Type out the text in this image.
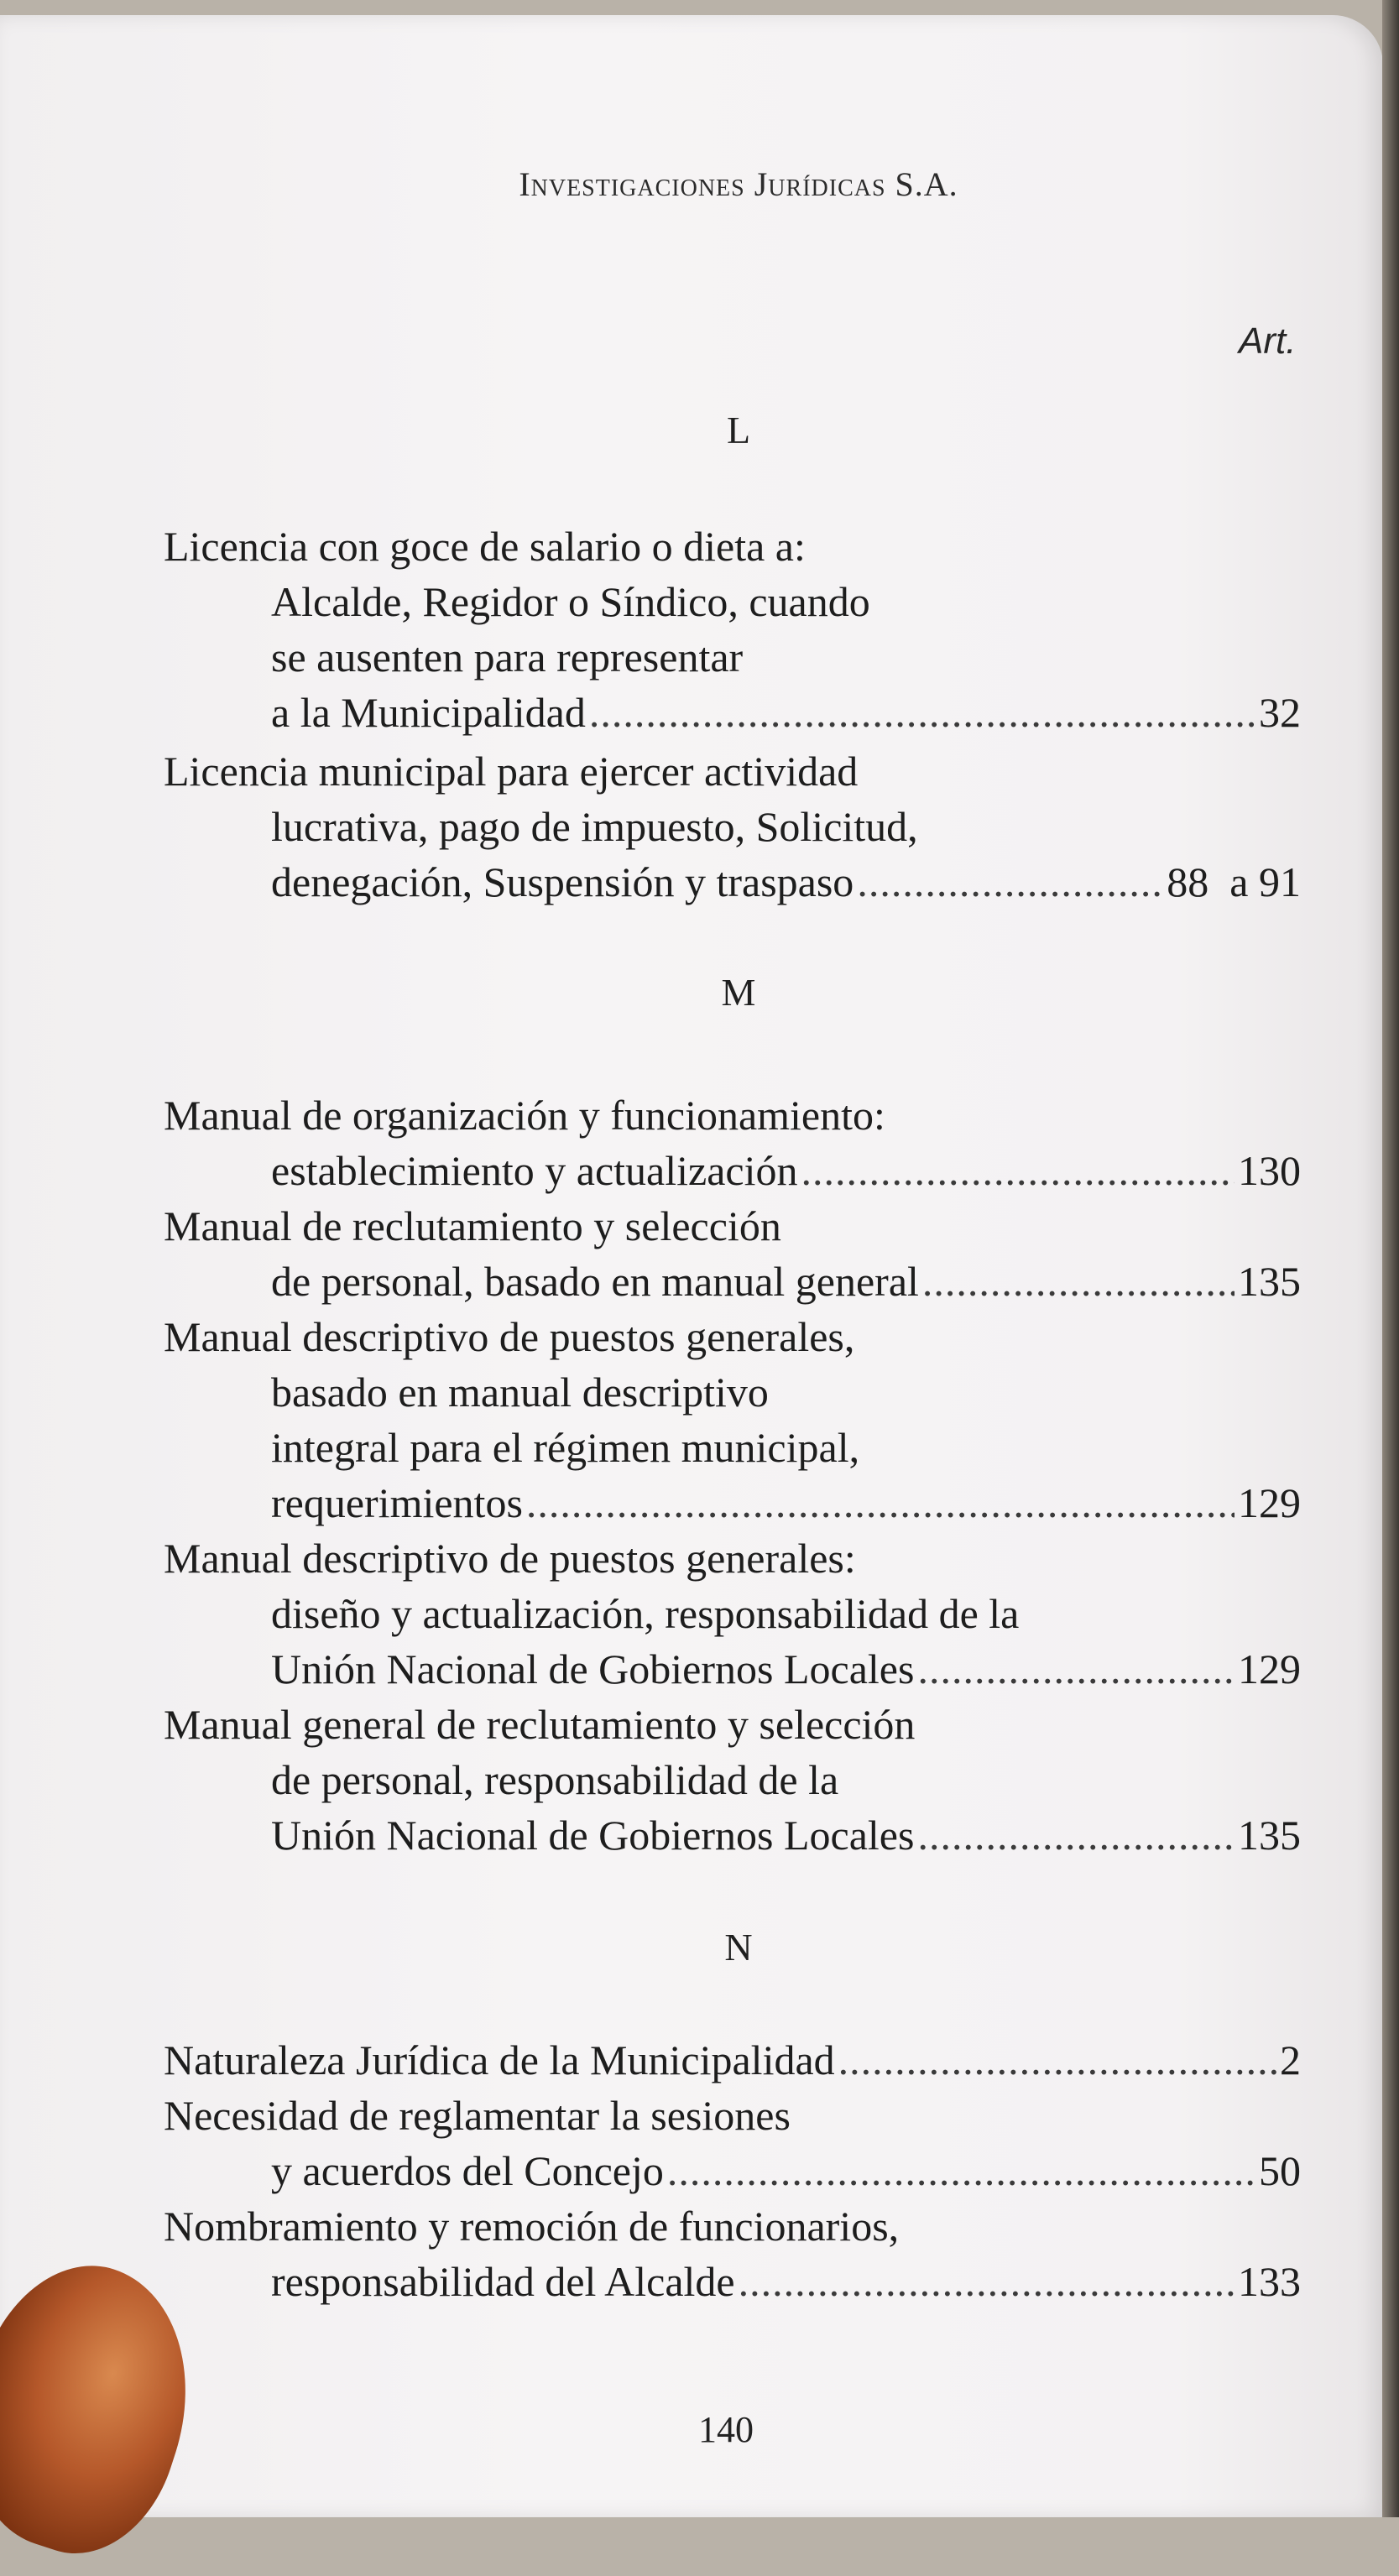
Investigaciones Jurídicas S.A.
Art.
L
Licencia con goce de salario o dieta a:
Alcalde, Regidor o Síndico, cuando
se ausenten para representar
a la Municipalidad .....	32
Licencia municipal para ejercer actividad
lucrativa, pago de impuesto, Solicitud,
denegación, Suspensión y traspaso .....	88  a 91
M
Manual de organización y funcionamiento:
establecimiento y actualización .....	130
Manual de reclutamiento y selección
de personal, basado en manual general .....	135
Manual descriptivo de puestos generales,
basado en manual descriptivo
integral para el régimen municipal,
requerimientos .....	129
Manual descriptivo de puestos generales:
diseño y actualización, responsabilidad de la
Unión Nacional de Gobiernos Locales .....	129
Manual general de reclutamiento y selección
de personal, responsabilidad de la
Unión Nacional de Gobiernos Locales .....	135
N
Naturaleza Jurídica de la Municipalidad .....	2
Necesidad de reglamentar la sesiones
y acuerdos del Concejo .....	50
Nombramiento y remoción de funcionarios,
responsabilidad del Alcalde .....	133
140
